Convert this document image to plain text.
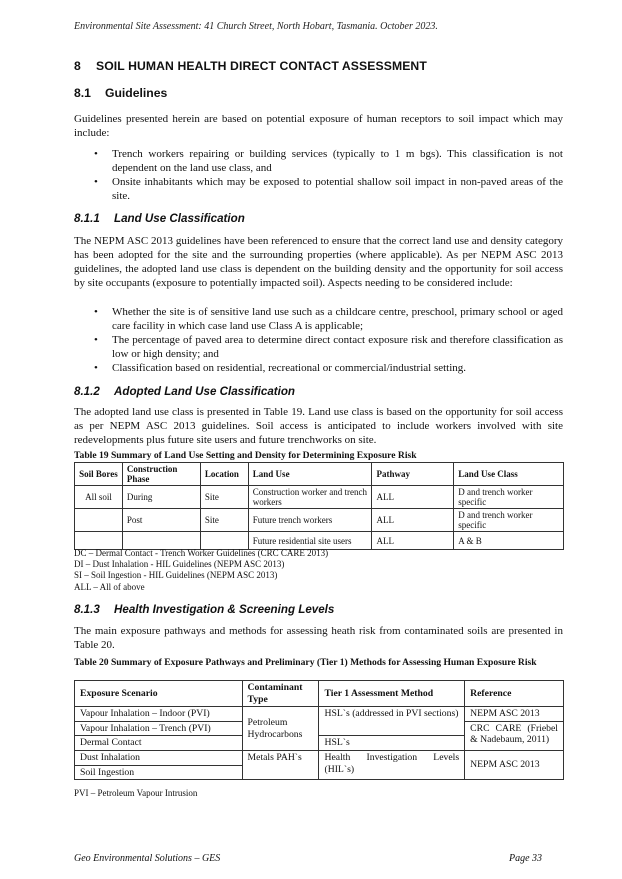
Environmental Site Assessment: 41 Church Street, North Hobart, Tasmania. October 2023.
8 SOIL HUMAN HEALTH DIRECT CONTACT ASSESSMENT
8.1 Guidelines
Guidelines presented herein are based on potential exposure of human receptors to soil impact which may include:
• Trench workers repairing or building services (typically to 1 m bgs). This classification is not dependent on the land use class, and
• Onsite inhabitants which may be exposed to potential shallow soil impact in non-paved areas of the site.
8.1.1 Land Use Classification
The NEPM ASC 2013 guidelines have been referenced to ensure that the correct land use and density category has been adopted for the site and the surrounding properties (where applicable). As per NEPM ASC 2013 guidelines, the adopted land use class is dependent on the building density and the opportunity for soil access by site occupants (exposure to potentially impacted soil). Aspects needing to be considered include:
• Whether the site is of sensitive land use such as a childcare centre, preschool, primary school or aged care facility in which case land use Class A is applicable;
• The percentage of paved area to determine direct contact exposure risk and therefore classification as low or high density; and
• Classification based on residential, recreational or commercial/industrial setting.
8.1.2 Adopted Land Use Classification
The adopted land use class is presented in Table 19. Land use class is based on the opportunity for soil access as per NEPM ASC 2013 guidelines. Soil access is anticipated to include workers involved with site redevelopments plus future site users and future trenchworks on site.
Table 19 Summary of Land Use Setting and Density for Determining Exposure Risk
Soil Bores	Construction Phase	Location	Land Use	Pathway	Land Use Class
All soil	During	Site	Construction worker and trench workers	ALL	D and trench worker specific
	Post	Site	Future trench workers	ALL	D and trench worker specific
			Future residential site users	ALL	A & B
DC – Dermal Contact - Trench Worker Guidelines (CRC CARE 2013)
DI – Dust Inhalation - HIL Guidelines (NEPM ASC 2013)
SI – Soil Ingestion - HIL Guidelines (NEPM ASC 2013)
ALL – All of above
8.1.3 Health Investigation & Screening Levels
The main exposure pathways and methods for assessing heath risk from contaminated soils are presented in Table 20.
Table 20 Summary of Exposure Pathways and Preliminary (Tier 1) Methods for Assessing Human Exposure Risk
Exposure Scenario	Contaminant Type	Tier 1 Assessment Method	Reference
Vapour Inhalation – Indoor (PVI)	Petroleum Hydrocarbons	HSL`s (addressed in PVI sections)	NEPM ASC 2013
Vapour Inhalation – Trench (PVI)			CRC CARE (Friebel & Nadebaum, 2011)
Dermal Contact		HSL`s	
Dust Inhalation	Metals PAH`s	Health Investigation Levels (HIL`s)	NEPM ASC 2013
Soil Ingestion			
PVI – Petroleum Vapour Intrusion
Geo Environmental Solutions – GES	Page 33
